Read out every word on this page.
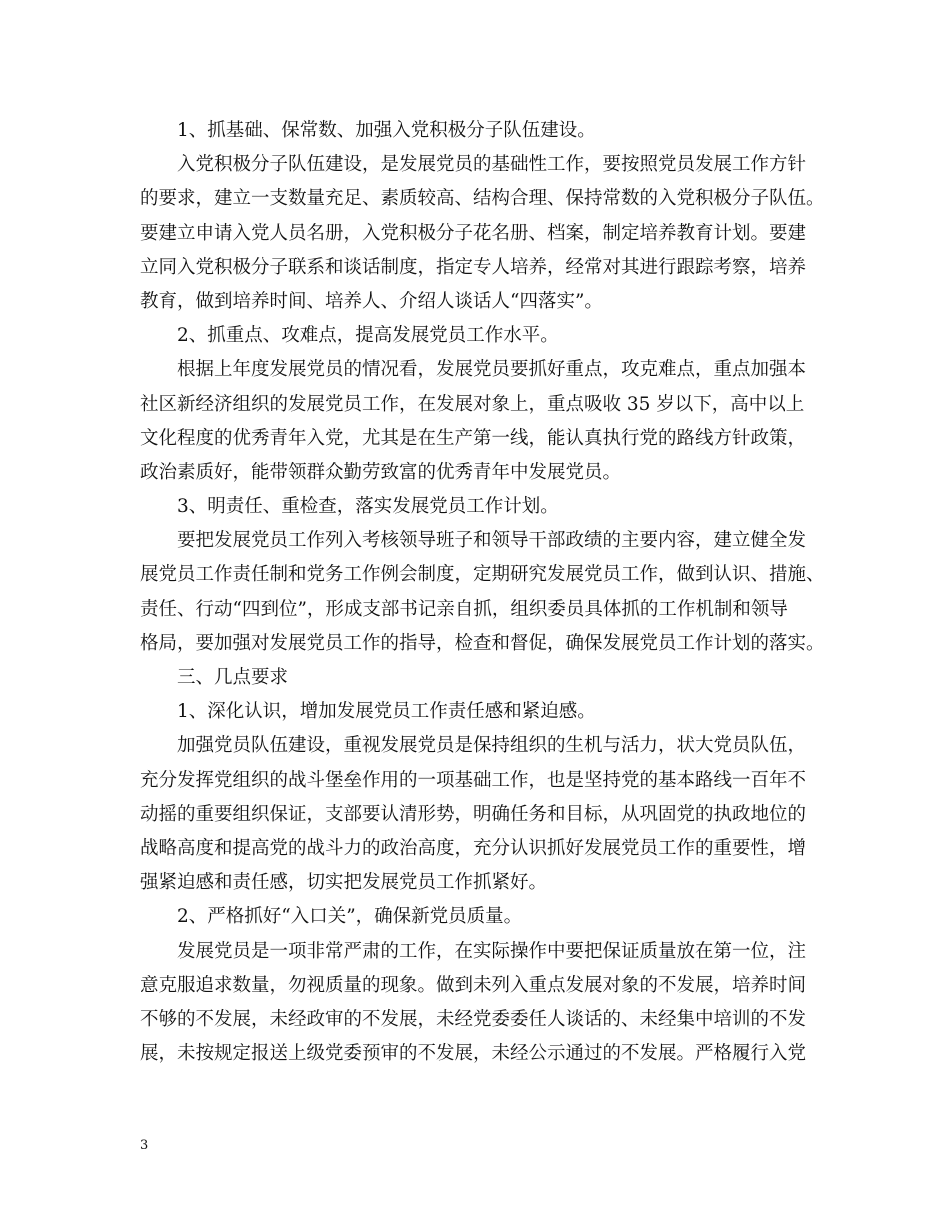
1、抓基础、保常数、加强入党积极分子队伍建设。
入党积极分子队伍建设，是发展党员的基础性工作，要按照党员发展工作方针
的要求，建立一支数量充足、素质较高、结构合理、保持常数的入党积极分子队伍。
要建立申请入党人员名册，入党积极分子花名册、档案，制定培养教育计划。要建
立同入党积极分子联系和谈话制度，指定专人培养，经常对其进行跟踪考察，培养
教育，做到培养时间、培养人、介绍人谈话人“四落实”。
2、抓重点、攻难点，提高发展党员工作水平。
根据上年度发展党员的情况看，发展党员要抓好重点，攻克难点，重点加强本
社区新经济组织的发展党员工作，在发展对象上，重点吸收 35 岁以下，高中以上
文化程度的优秀青年入党，尤其是在生产第一线，能认真执行党的路线方针政策，
政治素质好，能带领群众勤劳致富的优秀青年中发展党员。
3、明责任、重检查，落实发展党员工作计划。
要把发展党员工作列入考核领导班子和领导干部政绩的主要内容，建立健全发
展党员工作责任制和党务工作例会制度，定期研究发展党员工作，做到认识、措施、
责任、行动“四到位”，形成支部书记亲自抓，组织委员具体抓的工作机制和领导
格局，要加强对发展党员工作的指导，检查和督促，确保发展党员工作计划的落实。
三、几点要求
1、深化认识，增加发展党员工作责任感和紧迫感。
加强党员队伍建设，重视发展党员是保持组织的生机与活力，状大党员队伍，
充分发挥党组织的战斗堡垒作用的一项基础工作，也是坚持党的基本路线一百年不
动摇的重要组织保证，支部要认清形势，明确任务和目标，从巩固党的执政地位的
战略高度和提高党的战斗力的政治高度，充分认识抓好发展党员工作的重要性，增
强紧迫感和责任感，切实把发展党员工作抓紧好。
2、严格抓好“入口关”，确保新党员质量。
发展党员是一项非常严肃的工作，在实际操作中要把保证质量放在第一位，注
意克服追求数量，勿视质量的现象。做到未列入重点发展对象的不发展，培养时间
不够的不发展，未经政审的不发展，未经党委委任人谈话的、未经集中培训的不发
展，未按规定报送上级党委预审的不发展，未经公示通过的不发展。严格履行入党
3
